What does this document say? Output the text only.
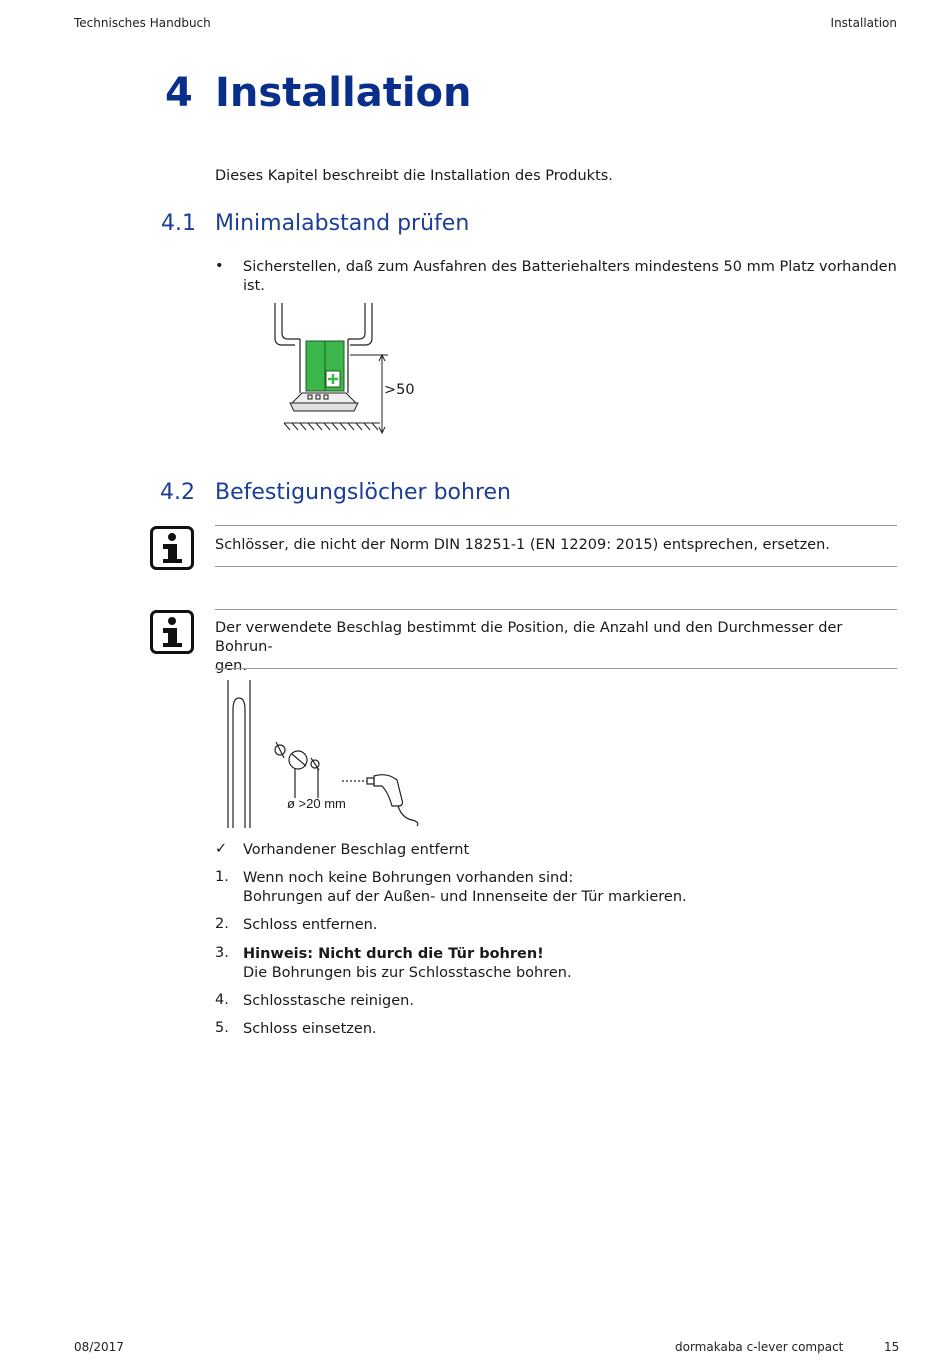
Technisches Handbuch	Installation
4 Installation
Dieses Kapitel beschreibt die Installation des Produkts.
4.1 Minimalabstand prüfen
• Sicherstellen, daß zum Ausfahren des Batteriehalters mindestens 50 mm Platz vorhanden
ist.
>50
4.2 Befestigungslöcher bohren
Schlösser, die nicht der Norm DIN 18251-1 (EN 12209: 2015) entsprechen, ersetzen.
Der verwendete Beschlag bestimmt die Position, die Anzahl und den Durchmesser der Bohrun-
gen.
ø >20 mm
✓ Vorhandener Beschlag entfernt
1. Wenn noch keine Bohrungen vorhanden sind:
Bohrungen auf der Außen- und Innenseite der Tür markieren.
2. Schloss entfernen.
3. Hinweis: Nicht durch die Tür bohren!
Die Bohrungen bis zur Schlosstasche bohren.
4. Schlosstasche reinigen.
5. Schloss einsetzen.
08/2017	dormakaba c-lever compact	15
